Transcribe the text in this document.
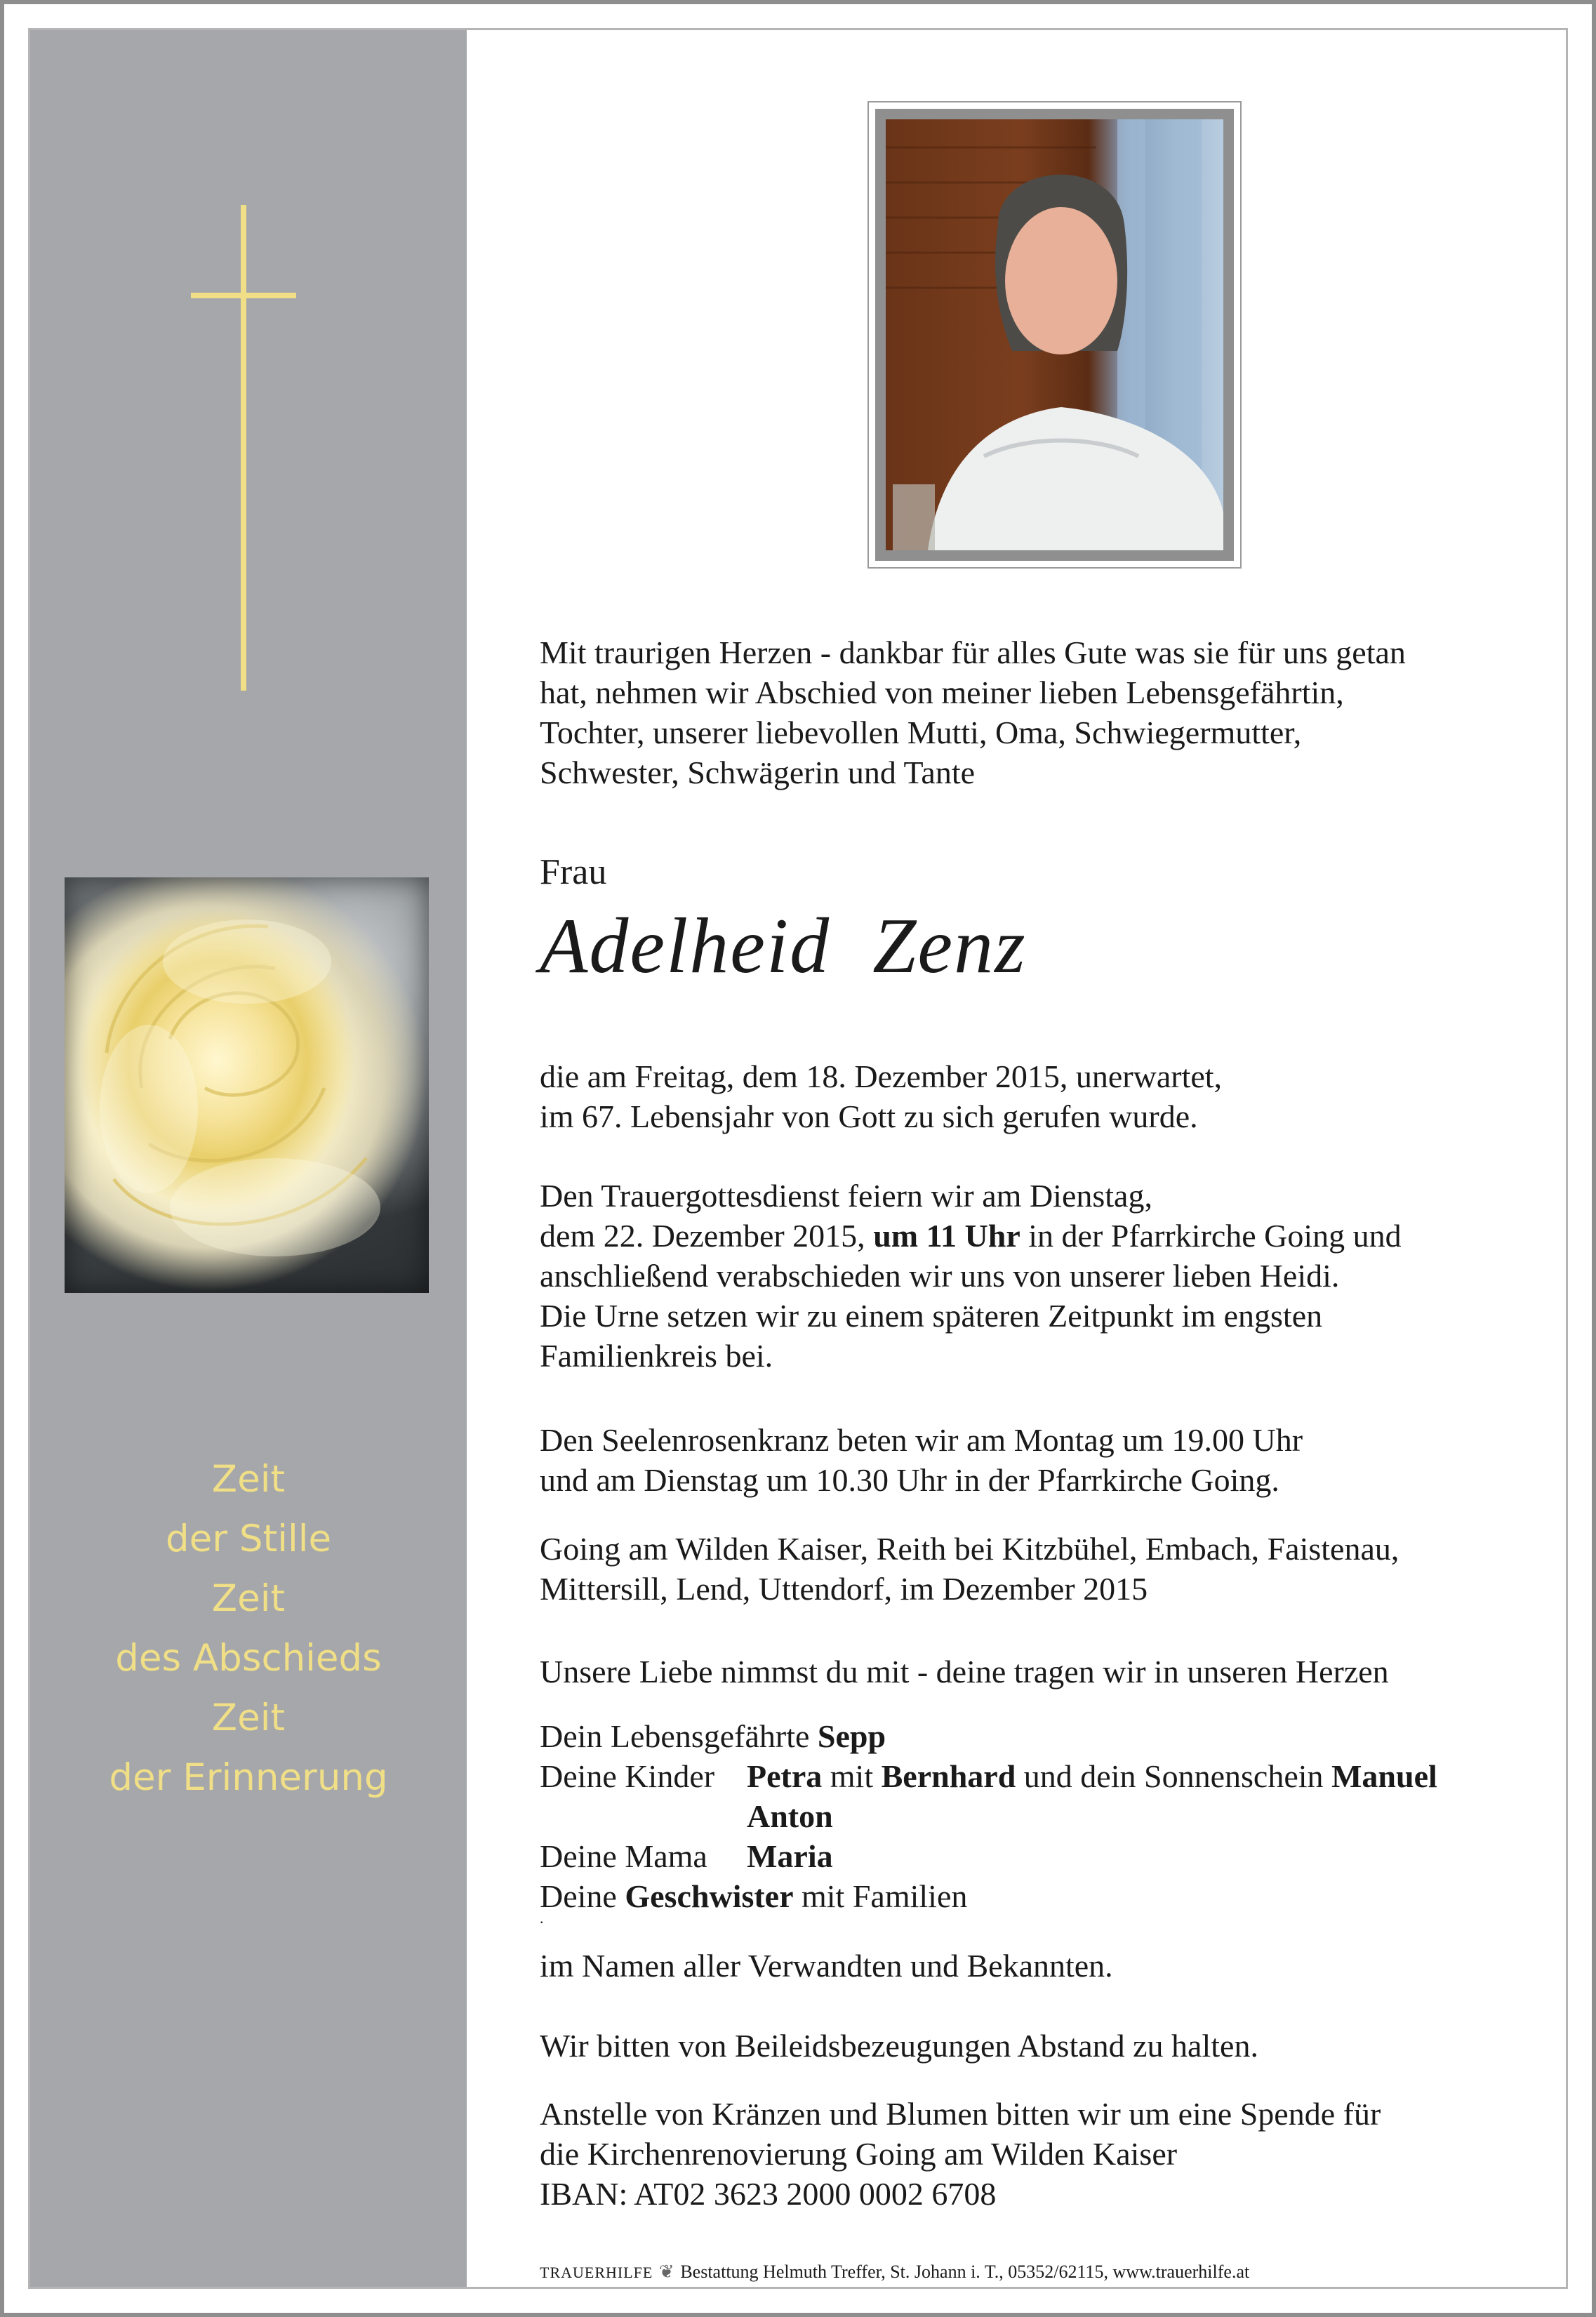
Zeit
der Stille
Zeit
des Abschieds
Zeit
der Erinnerung
Mit traurigen Herzen - dankbar für alles Gute was sie für uns getan
hat, nehmen wir Abschied von meiner lieben Lebensgefährtin,
Tochter, unserer liebevollen Mutti, Oma, Schwiegermutter,
Schwester, Schwägerin und Tante
Frau
Adelheid  Zenz
die am Freitag, dem 18. Dezember 2015, unerwartet,
im 67. Lebensjahr von Gott zu sich gerufen wurde.
Den Trauergottesdienst feiern wir am Dienstag,
dem 22. Dezember 2015, um 11 Uhr in der Pfarrkirche Going und
anschließend verabschieden wir uns von unserer lieben Heidi.
Die Urne setzen wir zu einem späteren Zeitpunkt im engsten
Familienkreis bei.
Den Seelenrosenkranz beten wir am Montag um 19.00 Uhr
und am Dienstag um 10.30 Uhr in der Pfarrkirche Going.
Going am Wilden Kaiser, Reith bei Kitzbühel, Embach, Faistenau,
Mittersill, Lend, Uttendorf, im Dezember 2015
Unsere Liebe nimmst du mit - deine tragen wir in unseren Herzen
Dein Lebensgefährte Sepp
Deine Kinder Petra mit Bernhard und dein Sonnenschein Manuel
Anton
Deine Mama Maria
Deine Geschwister mit Familien
.
im Namen aller Verwandten und Bekannten.
Wir bitten von Beileidsbezeugungen Abstand zu halten.
Anstelle von Kränzen und Blumen bitten wir um eine Spende für
die Kirchenrenovierung Going am Wilden Kaiser
IBAN: AT02 3623 2000 0002 6708
TRAUERHILFE ❦ Bestattung Helmuth Treffer, St. Johann i. T., 05352/62115, www.trauerhilfe.at
